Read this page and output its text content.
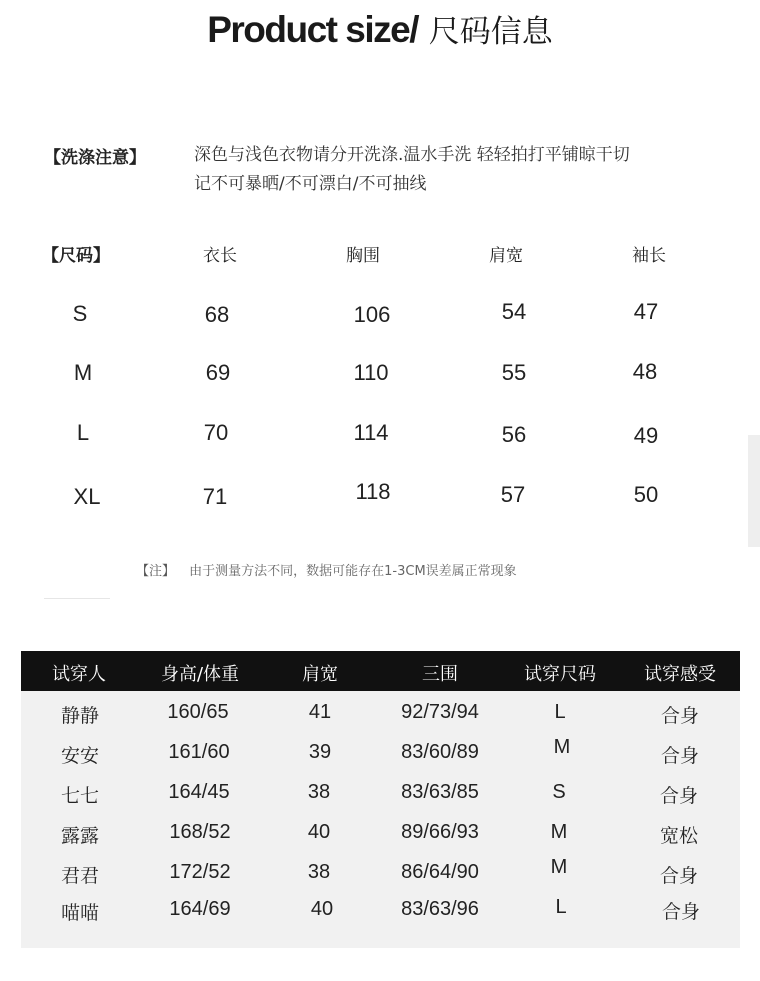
Product size/ 尺码信息
【洗涤注意】	深色与浅色衣物请分开洗涤.温水手洗 轻轻拍打平铺晾干切
记不可暴晒/不可漂白/不可抽线
【尺码】	衣长	胸围	肩宽	袖长
S	68	106	54	47
M	69	110	55	48
L	70	114	56	49
XL	71	118	57	50
【注】 由于测量方法不同，数据可能存在1-3CM误差属正常现象
试穿人	身高/体重	肩宽	三围	试穿尺码	试穿感受
静静	160/65	41	92/73/94	L	合身
安安	161/60	39	83/60/89	M	合身
七七	164/45	38	83/63/85	S	合身
露露	168/52	40	89/66/93	M	宽松
君君	172/52	38	86/64/90	M	合身
喵喵	164/69	40	83/63/96	L	合身
